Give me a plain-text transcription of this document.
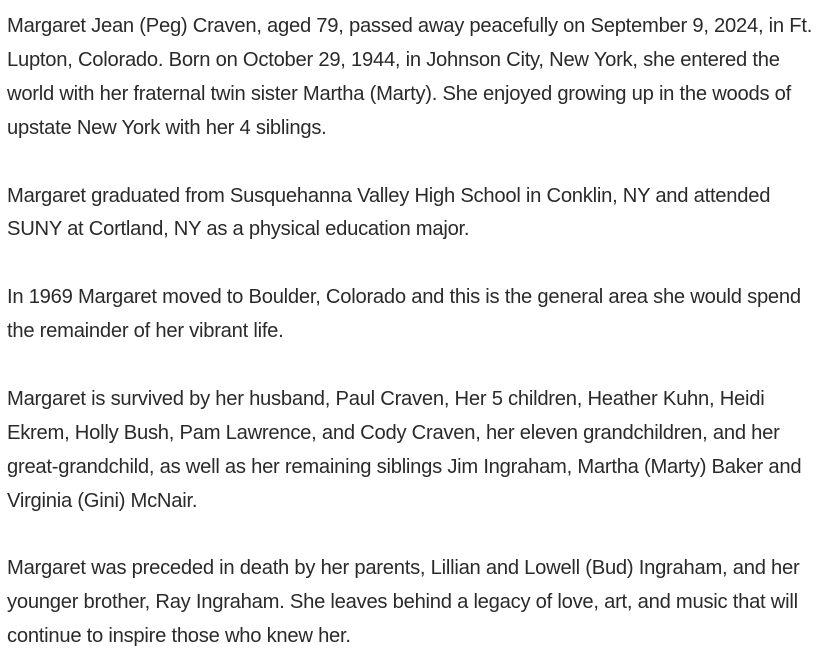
Margaret Jean (Peg) Craven, aged 79, passed away peacefully on September 9, 2024, in Ft. Lupton, Colorado. Born on October 29, 1944, in Johnson City, New York, she entered the world with her fraternal twin sister Martha (Marty). She enjoyed growing up in the woods of upstate New York with her 4 siblings.

Margaret graduated from Susquehanna Valley High School in Conklin, NY and attended SUNY at Cortland, NY as a physical education major.

In 1969 Margaret moved to Boulder, Colorado and this is the general area she would spend the remainder of her vibrant life.

Margaret is survived by her husband, Paul Craven, Her 5 children, Heather Kuhn, Heidi Ekrem, Holly Bush, Pam Lawrence, and Cody Craven, her eleven grandchildren, and her great-grandchild, as well as her remaining siblings Jim Ingraham, Martha (Marty) Baker and Virginia (Gini) McNair.

Margaret was preceded in death by her parents, Lillian and Lowell (Bud) Ingraham, and her younger brother, Ray Ingraham. She leaves behind a legacy of love, art, and music that will continue to inspire those who knew her.
